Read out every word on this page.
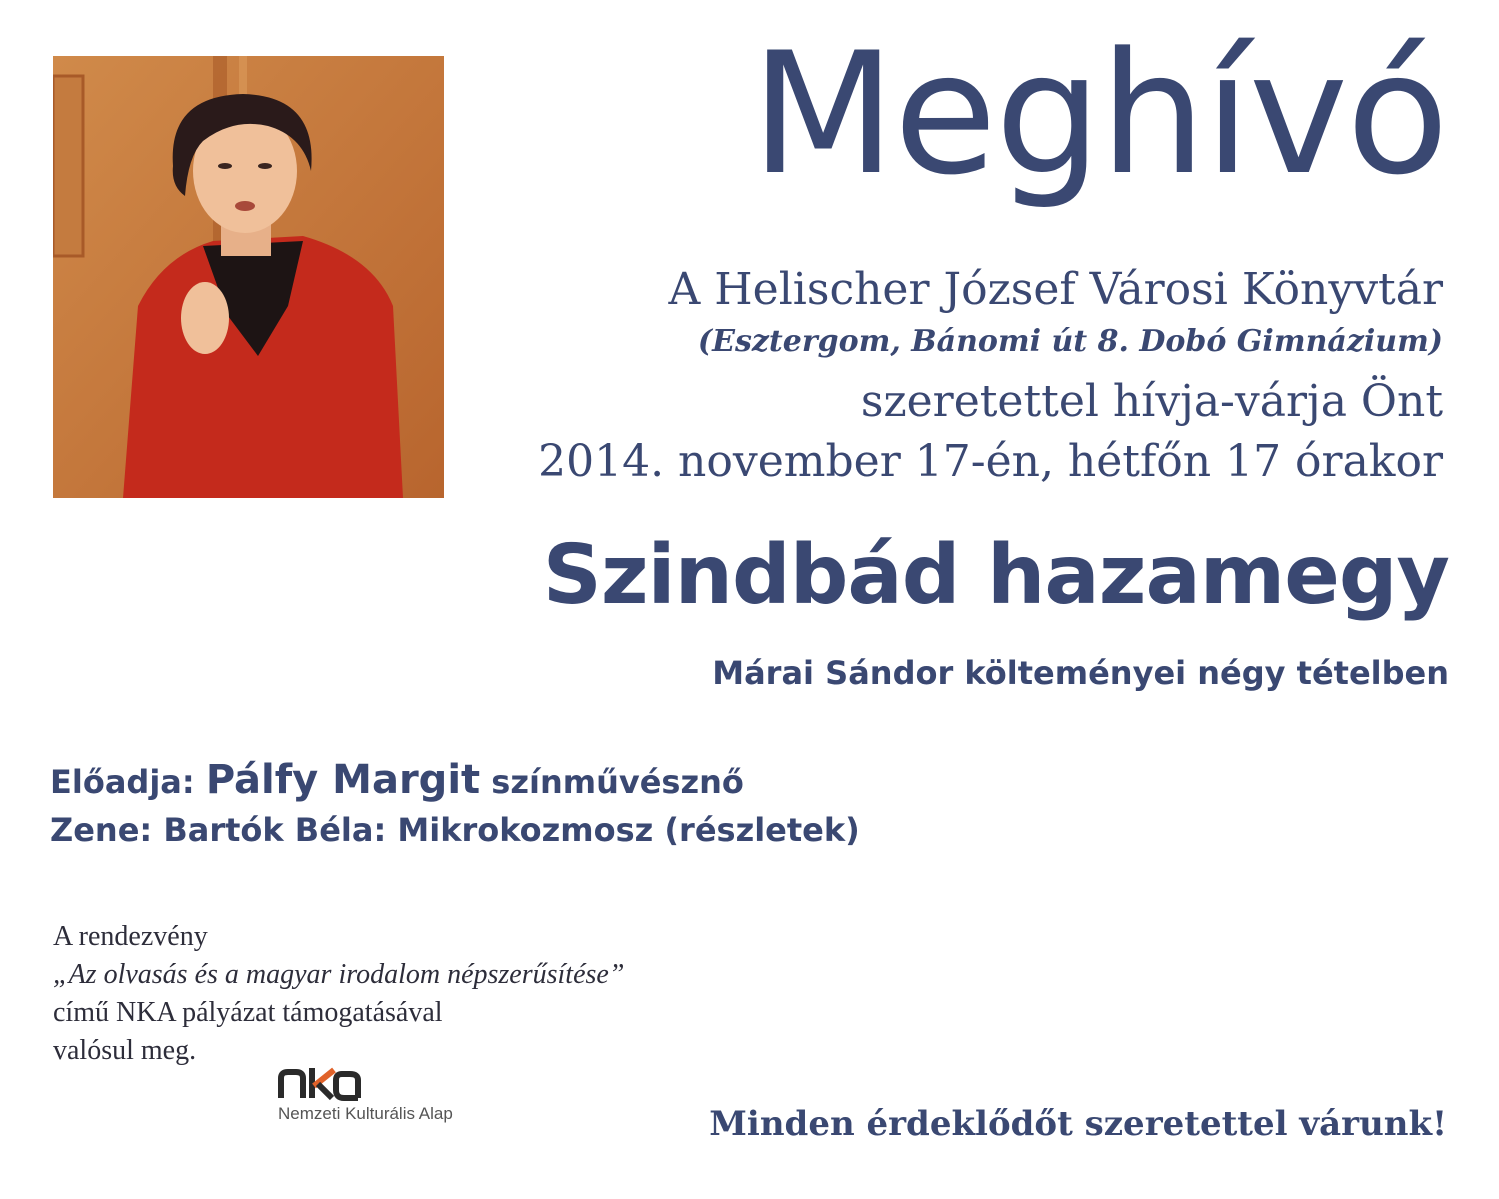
Meghívó
A Helischer József Városi Könyvtár
(Esztergom, Bánomi út 8. Dobó Gimnázium)
szeretettel hívja-várja Önt
2014. november 17-én, hétfőn 17 órakor
Szindbád hazamegy
Márai Sándor költeményei négy tételben
Előadja: Pálfy Margit színművésznő
Zene: Bartók Béla: Mikrokozmosz (részletek)
A rendezvény
„Az olvasás és a magyar irodalom népszerűsítése”
című NKA pályázat támogatásával
valósul meg.
Nemzeti Kulturális Alap	Minden érdeklődőt szeretettel várunk!
